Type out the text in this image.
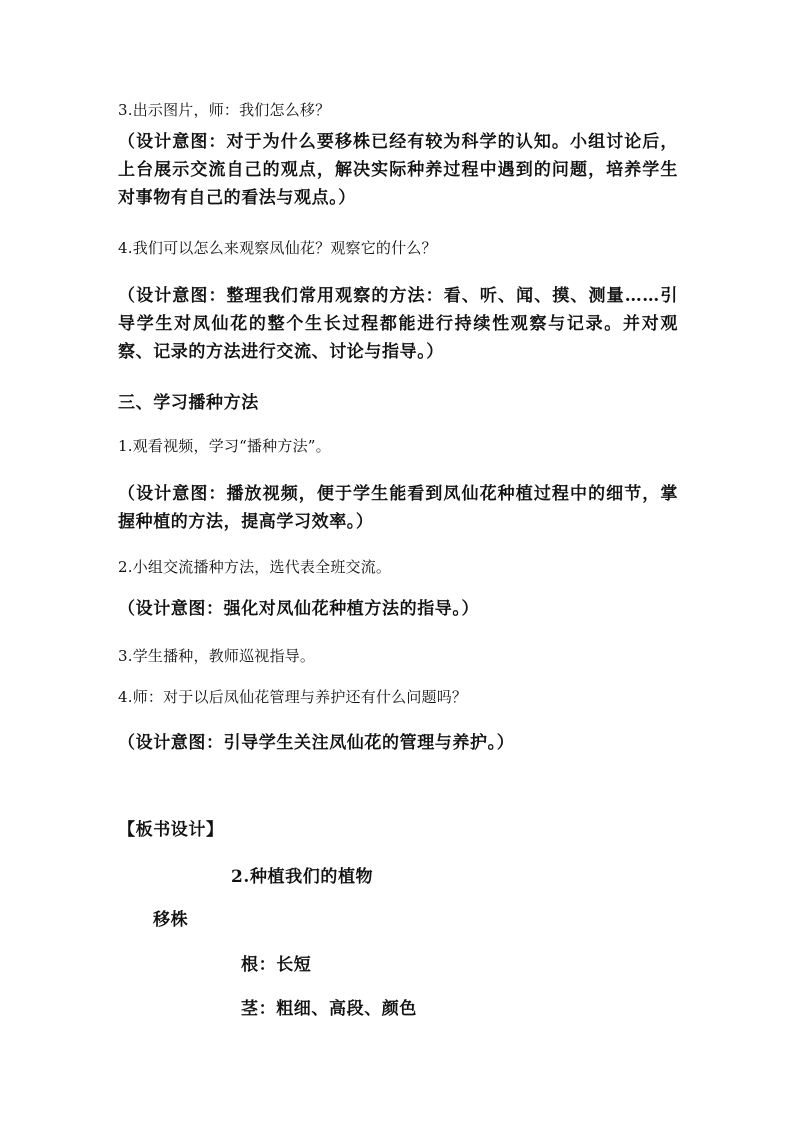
3.出示图片，师：我们怎么移？
（设计意图：对于为什么要移株已经有较为科学的认知。小组讨论后，上台展示交流自己的观点，解决实际种养过程中遇到的问题，培养学生对事物有自己的看法与观点。）
4.我们可以怎么来观察凤仙花？观察它的什么？
（设计意图：整理我们常用观察的方法：看、听、闻、摸、测量……引导学生对凤仙花的整个生长过程都能进行持续性观察与记录。并对观察、记录的方法进行交流、讨论与指导。）
三、学习播种方法
1.观看视频，学习“播种方法”。
（设计意图：播放视频，便于学生能看到凤仙花种植过程中的细节，掌握种植的方法，提高学习效率。）
2.小组交流播种方法，选代表全班交流。
（设计意图：强化对凤仙花种植方法的指导。）
3.学生播种，教师巡视指导。
4.师：对于以后凤仙花管理与养护还有什么问题吗？
（设计意图：引导学生关注凤仙花的管理与养护。）
【板书设计】
2.种植我们的植物
移株
根：长短
茎：粗细、高段、颜色
